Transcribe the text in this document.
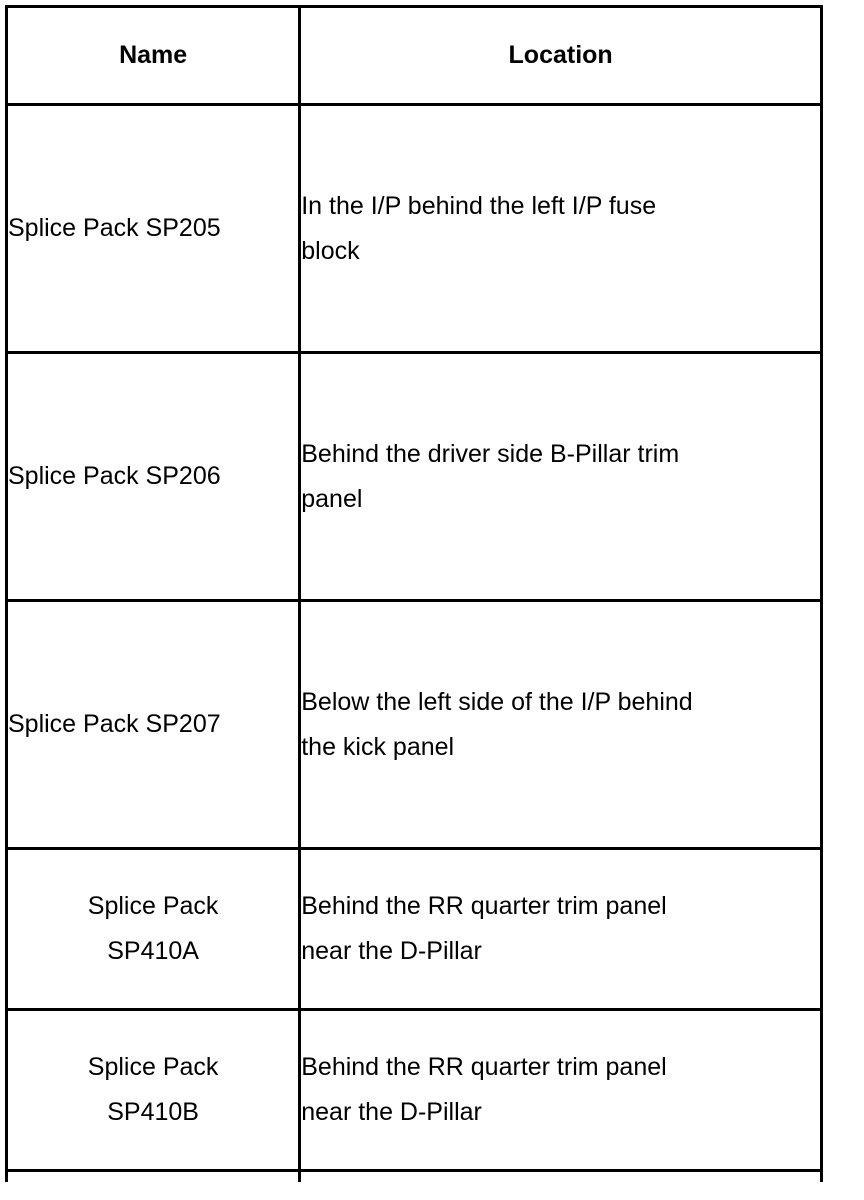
Name	Location

Splice Pack SP205	In the I/P behind the left I/P fuse
block

Splice Pack SP206	Behind the driver side B-Pillar trim
panel

Splice Pack SP207	Below the left side of the I/P behind
the kick panel

Splice Pack
SP410A	Behind the RR quarter trim panel
near the D-Pillar

Splice Pack
SP410B	Behind the RR quarter trim panel
near the D-Pillar
